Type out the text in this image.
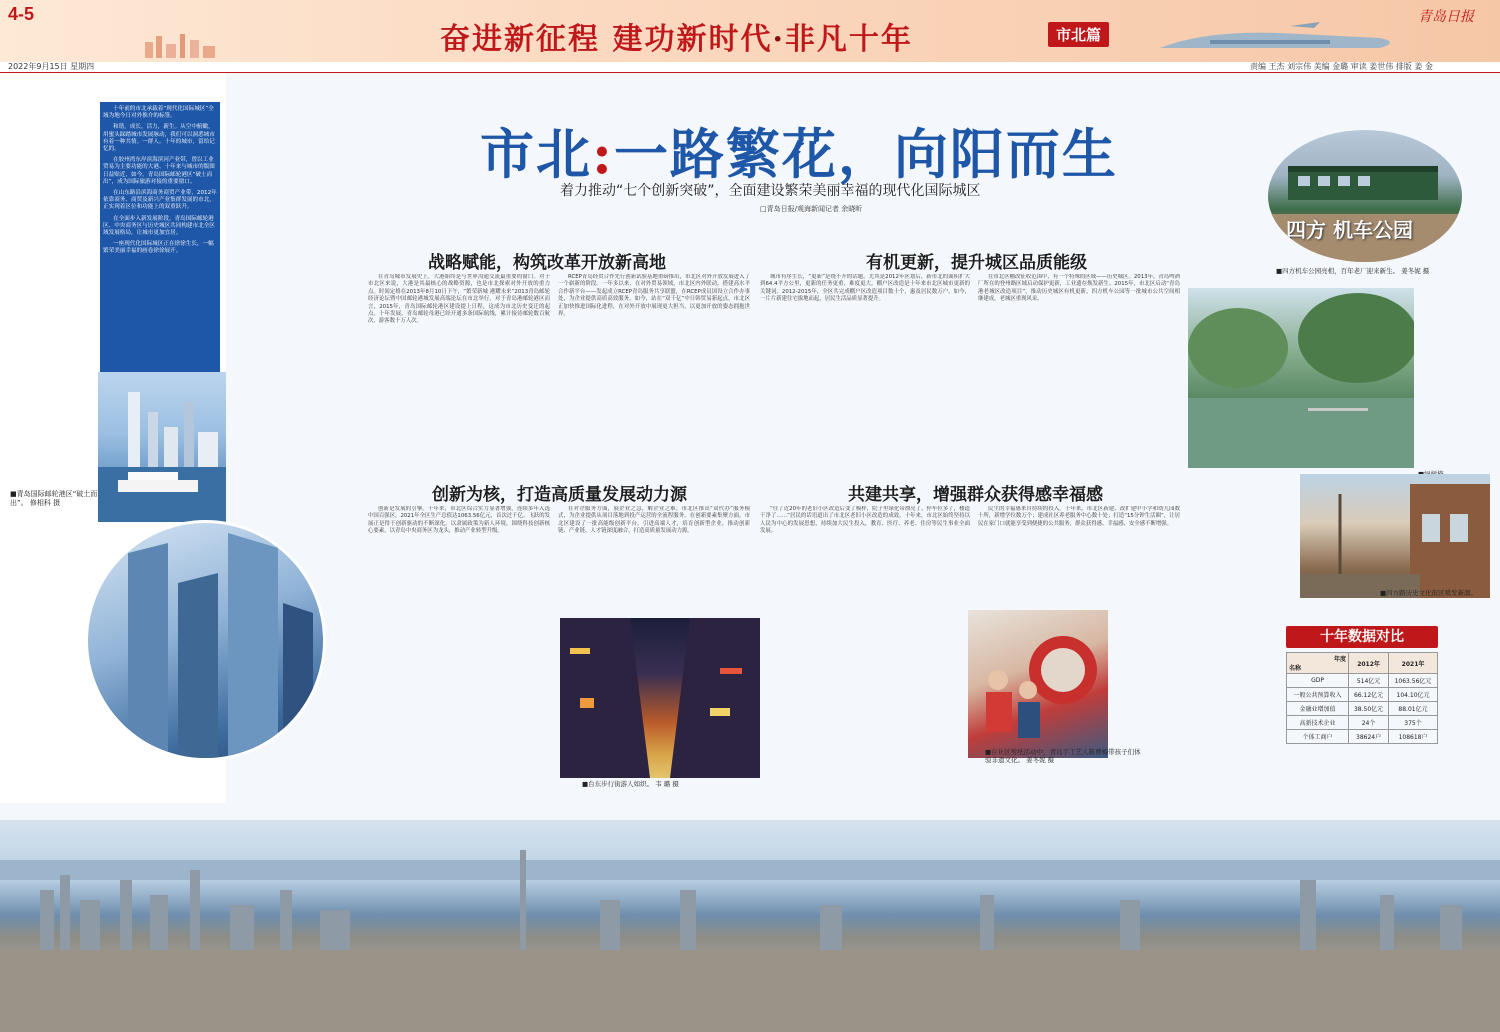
4-5
奋进新征程 建功新时代·非凡十年	市北篇
青岛日报
2022年9月15日 星期四	责编 王杰 刘宗伟 美编 金璐 审读 姜世伟 排版 姜 金
十年前的市北承载着“现代化国际城区”全域为地今日对外推介的标签。
和谐，成长，活力，新生。从空中俯瞰，用蜜头踩踏城市发展脉动，我们可以洞悉城市有着一种共情。一群人。十年的城市，留给记忆的。
在胶州湾东岸滨海滨河产业带，曾以工业贸易为主要功能的大港、十年来与城市的版图日益贴近，如今，青岛国际邮轮港区“破土而出”，成为国际旅游对接的重要窗口。
在山东路沿滨海商务商贸产业带，2012年依靠商务、商贸及新兴产业集群发展的市北，正实现着区位和功能上的双重跃升。
在全面步入新发展阶段，青岛国际邮轮港区、中央商务区与历史城区共同构建市北全区域发展格局，让城市更加宜居。
一座现代化国际城区正在徐徐生长，一幅繁荣美丽幸福的画卷徐徐展开。
■青岛国际邮轮港区“破土而出”。 修相科 摄
市北:一路繁花，向阳而生
着力推动“七个创新突破”，全面建设繁荣美丽幸福的现代化国际城区
□青岛日报/观海新闻记者 余晓昕
战略赋能，构筑改革开放新高地

在青岛城市发展史上，大港始终是与世界沟通交流最重要的窗口。对于市北区来说，大港是其最核心的战略资源，也是市北探索对外开放的重力点。时间定格在2013年8月10日下午，“繁荣新城 港耀未来”2013青岛邮轮经济论坛暨中国邮轮港城发展高端论坛在市北举行。对于青岛港邮轮港区而言，2015年，青岛国际邮轮港区建设提上日程，这成为市北历史变迁的起点。十年发展，青岛邮轮母港已经开通多条国际航线，累计接待邮轮数百航次，游客数十万人次。

RCEP青岛经贸合作先行创新试验基地重磅推出，市北区对外开放发展进入了一个崭新的阶段。一年多以来，在对外贸易领域，市北区内外联动，搭建高水平合作新平台——发起成立RCEP青岛服务共享联盟，在RCEP成员国设立合作办事处，为企业提供高质高效服务。如今，站在“双千亿”中日韩贸易新起点，市北区正加快推进国际化进程，在对外开放中展现更大担当，以更加开放的姿态拥抱世界。

创新为核，打造高质量发展动力源

创新是发展的引擎。十年来，市北区综合实力显著增强，连续多年入选中国百强区，2021年全区生产总值达1063.56亿元，首次过千亿。飞跃的发展正是得于创新驱动的不断深化。以隶属政策为新人环境，围绕科技创新核心要素，以青岛中央商务区为龙头，推动产业转型升级。

在对企服务方面，展企业之急，解企业之难，市北区推出“双代办”服务模式，为企业提供从项目落地到投产运营的全流程服务。在创新要素集聚方面，市北区建设了一批高能级创新平台，引进高端人才，培育创新型企业，推动创新链、产业链、人才链深度融合，打造高质量发展动力源。

■台东步行街游人如织。 韦 璐 摄
有机更新，提升城区品质能级

城市有序生长，“更新”是绕不开的话题。尤其是2012年区划后，新市北的面积扩大到64.4平方公里，更新的任务更重、难度更大。棚户区改造是十年来市北区城市更新的关键词。2012-2015年，全区共完成棚户区改造项目数十个，惠及居民数万户。如今，一片片新建住宅拔地而起，居民生活品质显著提升。

在市北区棚改征收范围中，有一个特殊的区域——历史城区。2013年，青岛啤酒厂所在的登州路区域启动保护更新，工业遗存焕发新生。2015年，市北区启动“青岛港老城区改造项目”，推动历史城区有机更新，四方机车公园等一批城市公共空间相继建成，老城区重现风采。

共建共享，增强群众获得感幸福感

“住了近20年的老旧小区改造后变了模样，院子里绿化带漂亮了，停车位多了，楼道干净了……”居民的话语道出了市北区老旧小区改造的成效。十年来，市北区始终坚持以人民为中心的发展思想，持续加大民生投入，教育、医疗、养老、住房等民生事业全面发展。

民生的幸福感来自持续的投入。十年来，市北区新建、改扩建中小学和幼儿园数十所，新增学位数万个；建成社区养老服务中心数十处；打造“15分钟生活圈”，让居民在家门口就能享受到便捷的公共服务，群众获得感、幸福感、安全感不断增强。

■在社区剪纸活动中，青岛手工艺人陈曹梅带孩子们体验非遗文化。 姜冬妮 摄
四方 机车公园
■四方机车公园亮相，百年老厂迎来新生。 姜冬妮 摄
■四方路历史文化街区喷发新颜。
十年数据对比
年度
名称	2012年	2021年
GDP	514亿元	1063.56亿元
一般公共预算收入	66.12亿元	104.10亿元
金融业增加值	38.50亿元	88.01亿元
高新技术企业	24个	375个
个体工商户	38624户	108618户
